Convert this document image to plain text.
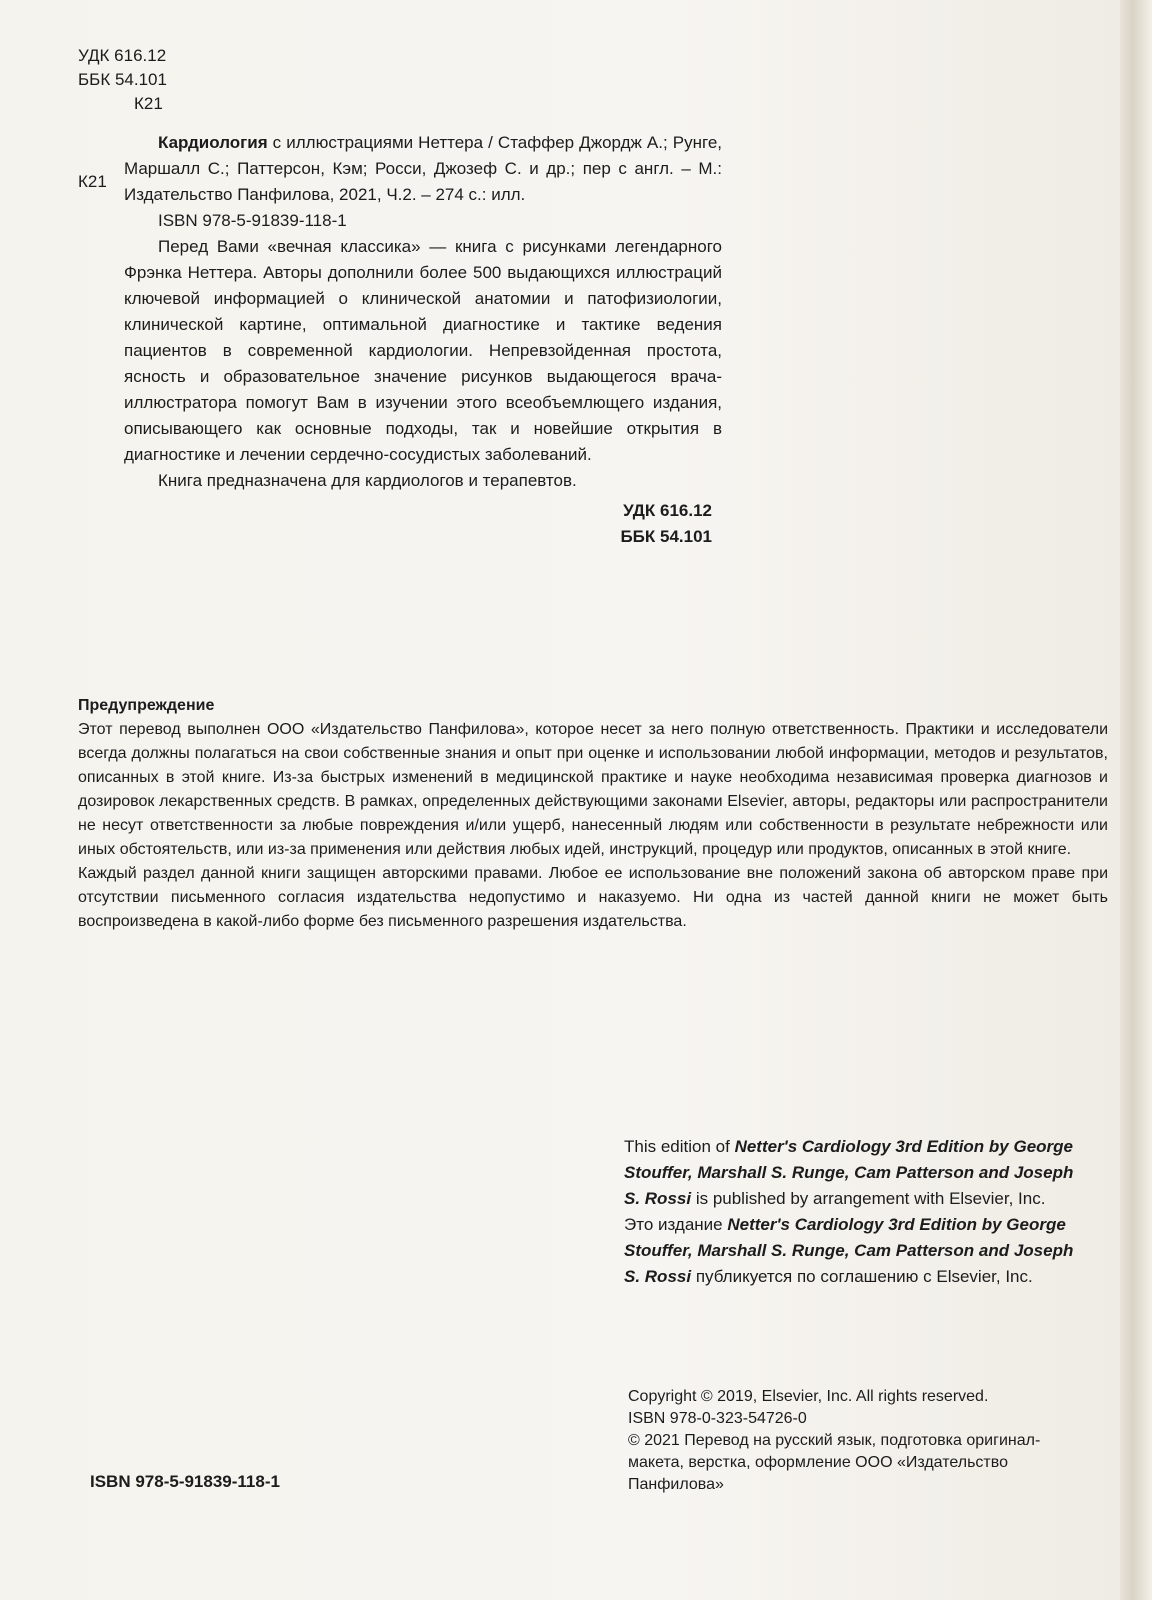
УДК 616.12
ББК 54.101
К21
К21

Кардиология с иллюстрациями Неттера / Стаффер Джордж А.; Рунге, Маршалл С.; Паттерсон, Кэм; Росси, Джозеф С. и др.; пер с англ. – М.: Издательство Панфилова, 2021, Ч.2. – 274 с.: илл.

ISBN 978-5-91839-118-1

Перед Вами «вечная классика» — книга с рисунками легендарного Фрэнка Неттера. Авторы дополнили более 500 выдающихся иллюстраций ключевой информацией о клинической анатомии и патофизиологии, клинической картине, оптимальной диагностике и тактике ведения пациентов в современной кардиологии. Непревзойденная простота, ясность и образовательное значение рисунков выдающегося врача-иллюстратора помогут Вам в изучении этого всеобъемлющего издания, описывающего как основные подходы, так и новейшие открытия в диагностике и лечении сердечно-сосудистых заболеваний.

Книга предназначена для кардиологов и терапевтов.

УДК 616.12

ББК 54.101

Предупреждение

Этот перевод выполнен ООО «Издательство Панфилова», которое несет за него полную ответственность. Практики и исследователи всегда должны полагаться на свои собственные знания и опыт при оценке и использовании любой информации, методов и результатов, описанных в этой книге. Из-за быстрых изменений в медицинской практике и науке необходима независимая проверка диагнозов и дозировок лекарственных средств. В рамках, определенных действующими законами Elsevier, авторы, редакторы или распространители не несут ответственности за любые повреждения и/или ущерб, нанесенный людям или собственности в результате небрежности или иных обстоятельств, или из-за применения или действия любых идей, инструкций, процедур или продуктов, описанных в этой книге.

Каждый раздел данной книги защищен авторскими правами. Любое ее использование вне положений закона об авторском праве при отсутствии письменного согласия издательства недопустимо и наказуемо. Ни одна из частей данной книги не может быть воспроизведена в какой-либо форме без письменного разрешения издательства.

This edition of Netter's Cardiology 3rd Edition by George Stouffer, Marshall S. Runge, Cam Patterson and Joseph S. Rossi is published by arrangement with Elsevier, Inc.

Это издание Netter's Cardiology 3rd Edition by George Stouffer, Marshall S. Runge, Cam Patterson and Joseph S. Rossi публикуется по соглашению с Elsevier, Inc.

Copyright © 2019, Elsevier, Inc. All rights reserved.

ISBN 978-0-323-54726-0

© 2021 Перевод на русский язык, подготовка оригинал-макета, верстка, оформление ООО «Издательство Панфилова»

ISBN 978-5-91839-118-1
